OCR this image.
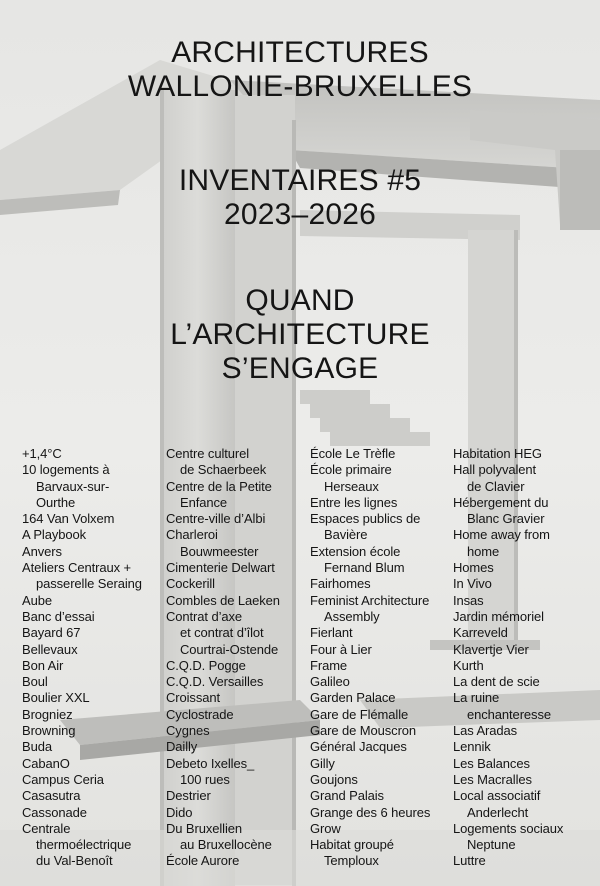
ARCHITECTURES
WALLONIE-BRUXELLES
INVENTAIRES #5
2023–2026
QUAND
L’ARCHITECTURE
S’ENGAGE
+1,4°C
10 logements à
Barvaux-sur-
Ourthe
164 Van Volxem
A Playbook
Anvers
Ateliers Centraux +
passerelle Seraing
Aube
Banc d’essai
Bayard 67
Bellevaux
Bon Air
Boul
Boulier XXL
Brogniez
Browning
Buda
CabanO
Campus Ceria
Casasutra
Cassonade
Centrale
thermoélectrique
du Val-Benoît
Centre culturel
de Schaerbeek
Centre de la Petite
Enfance
Centre-ville d’Albi
Charleroi
Bouwmeester
Cimenterie Delwart
Cockerill
Combles de Laeken
Contrat d’axe
et contrat d’îlot
Courtrai-Ostende
C.Q.D. Pogge
C.Q.D. Versailles
Croissant
Cyclostrade
Cygnes
Dailly
Debeto Ixelles_
100 rues
Destrier
Dido
Du Bruxellien
au Bruxellocène
École Aurore
École Le Trèfle
École primaire
Herseaux
Entre les lignes
Espaces publics de
Bavière
Extension école
Fernand Blum
Fairhomes
Feminist Architecture
Assembly
Fierlant
Four à Lier
Frame
Galileo
Garden Palace
Gare de Flémalle
Gare de Mouscron
Général Jacques
Gilly
Goujons
Grand Palais
Grange des 6 heures
Grow
Habitat groupé
Temploux
Habitation HEG
Hall polyvalent
de Clavier
Hébergement du
Blanc Gravier
Home away from
home
Homes
In Vivo
Insas
Jardin mémoriel
Karreveld
Klavertje Vier
Kurth
La dent de scie
La ruine
enchanteresse
Las Aradas
Lennik
Les Balances
Les Macralles
Local associatif
Anderlecht
Logements sociaux
Neptune
Luttre
